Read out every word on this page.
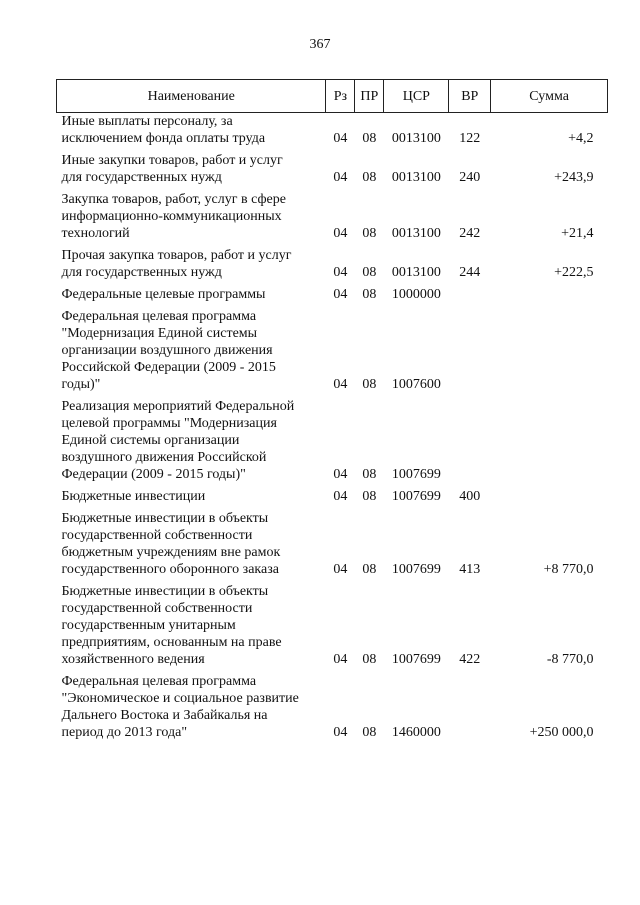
367
Наименование	Рз	ПР	ЦСР	ВР	Сумма
Иные выплаты персоналу, за
исключением фонда оплаты труда	04	08	0013100	122	+4,2
Иные закупки товаров, работ и услуг
для государственных нужд	04	08	0013100	240	+243,9
Закупка товаров, работ, услуг в сфере
информационно-коммуникационных
технологий	04	08	0013100	242	+21,4
Прочая закупка товаров, работ и услуг
для государственных нужд	04	08	0013100	244	+222,5
Федеральные целевые программы	04	08	1000000		
Федеральная целевая программа
"Модернизация Единой системы
организации воздушного движения
Российской Федерации (2009 - 2015
годы)"	04	08	1007600		
Реализация мероприятий Федеральной
целевой программы "Модернизация
Единой системы организации
воздушного движения Российской
Федерации (2009 - 2015 годы)"	04	08	1007699		
Бюджетные инвестиции	04	08	1007699	400	
Бюджетные инвестиции в объекты
государственной собственности
бюджетным учреждениям вне рамок
государственного оборонного заказа	04	08	1007699	413	+8 770,0
Бюджетные инвестиции в объекты
государственной собственности
государственным унитарным
предприятиям, основанным на праве
хозяйственного ведения	04	08	1007699	422	-8 770,0
Федеральная целевая программа
"Экономическое и социальное развитие
Дальнего Востока и Забайкалья на
период до 2013 года"	04	08	1460000		+250 000,0
